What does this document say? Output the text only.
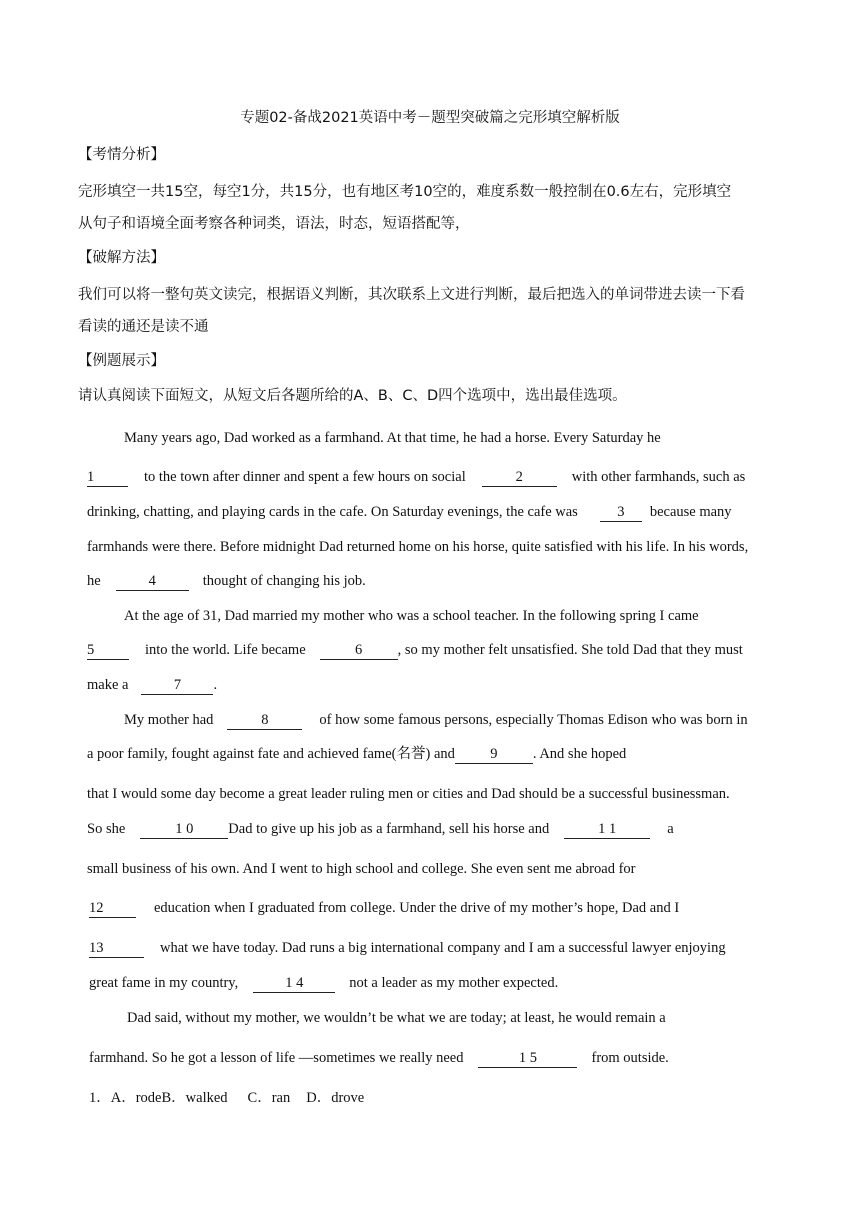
专题02-备战2021英语中考－题型突破篇之完形填空解析版
【考情分析】
完形填空一共15空，每空1分，共15分，也有地区考10空的，难度系数一般控制在0.6左右，完形填空
从句子和语境全面考察各种词类，语法，时态，短语搭配等，
【破解方法】
我们可以将一整句英文读完，根据语义判断，其次联系上文进行判断，最后把选入的单词带进去读一下看
看读的通还是读不通
【例题展示】
请认真阅读下面短文，从短文后各题所给的A、B、C、D四个选项中，选出最佳选项。
Many years ago, Dad worked as a farmhand. At that time, he had a horse. Every Saturday he
1	to the town after dinner and spent a few hours on social	2	with other farmhands, such as
drinking, chatting, and playing cards in the cafe. On Saturday evenings, the cafe was	3 because many
farmhands were there. Before midnight Dad returned home on his horse, quite satisfied with his life. In his words,
he	4	thought of changing his job.
At the age of 31, Dad married my mother who was a school teacher. In the following spring I came
5	into the world. Life became	6 , so my mother felt unsatisfied. She told Dad that they must
make a	7 .
My mother had	8	of how some famous persons, especially Thomas Edison who was born in
a poor family, fought against fate and achieved fame(名誉) and 9 . And she hoped
that I would some day become a great leader ruling men or cities and Dad should be a successful businessman.
So she	1 0 Dad to give up his job as a farmhand, sell his horse and	1 1	a
small business of his own. And I went to high school and college. She even sent me abroad for
12	education when I graduated from college. Under the drive of my mother’s hope, Dad and I
13	what we have today. Dad runs a big international company and I am a successful lawyer enjoying
great fame in my country,	1 4	not a leader as my mother expected.
Dad said, without my mother, we wouldn’t be what we are today; at least, he would remain a
farmhand. So he got a lesson of life —sometimes we really need	1 5	from outside.
1．A．rodeB．walked C．ran D．drove
